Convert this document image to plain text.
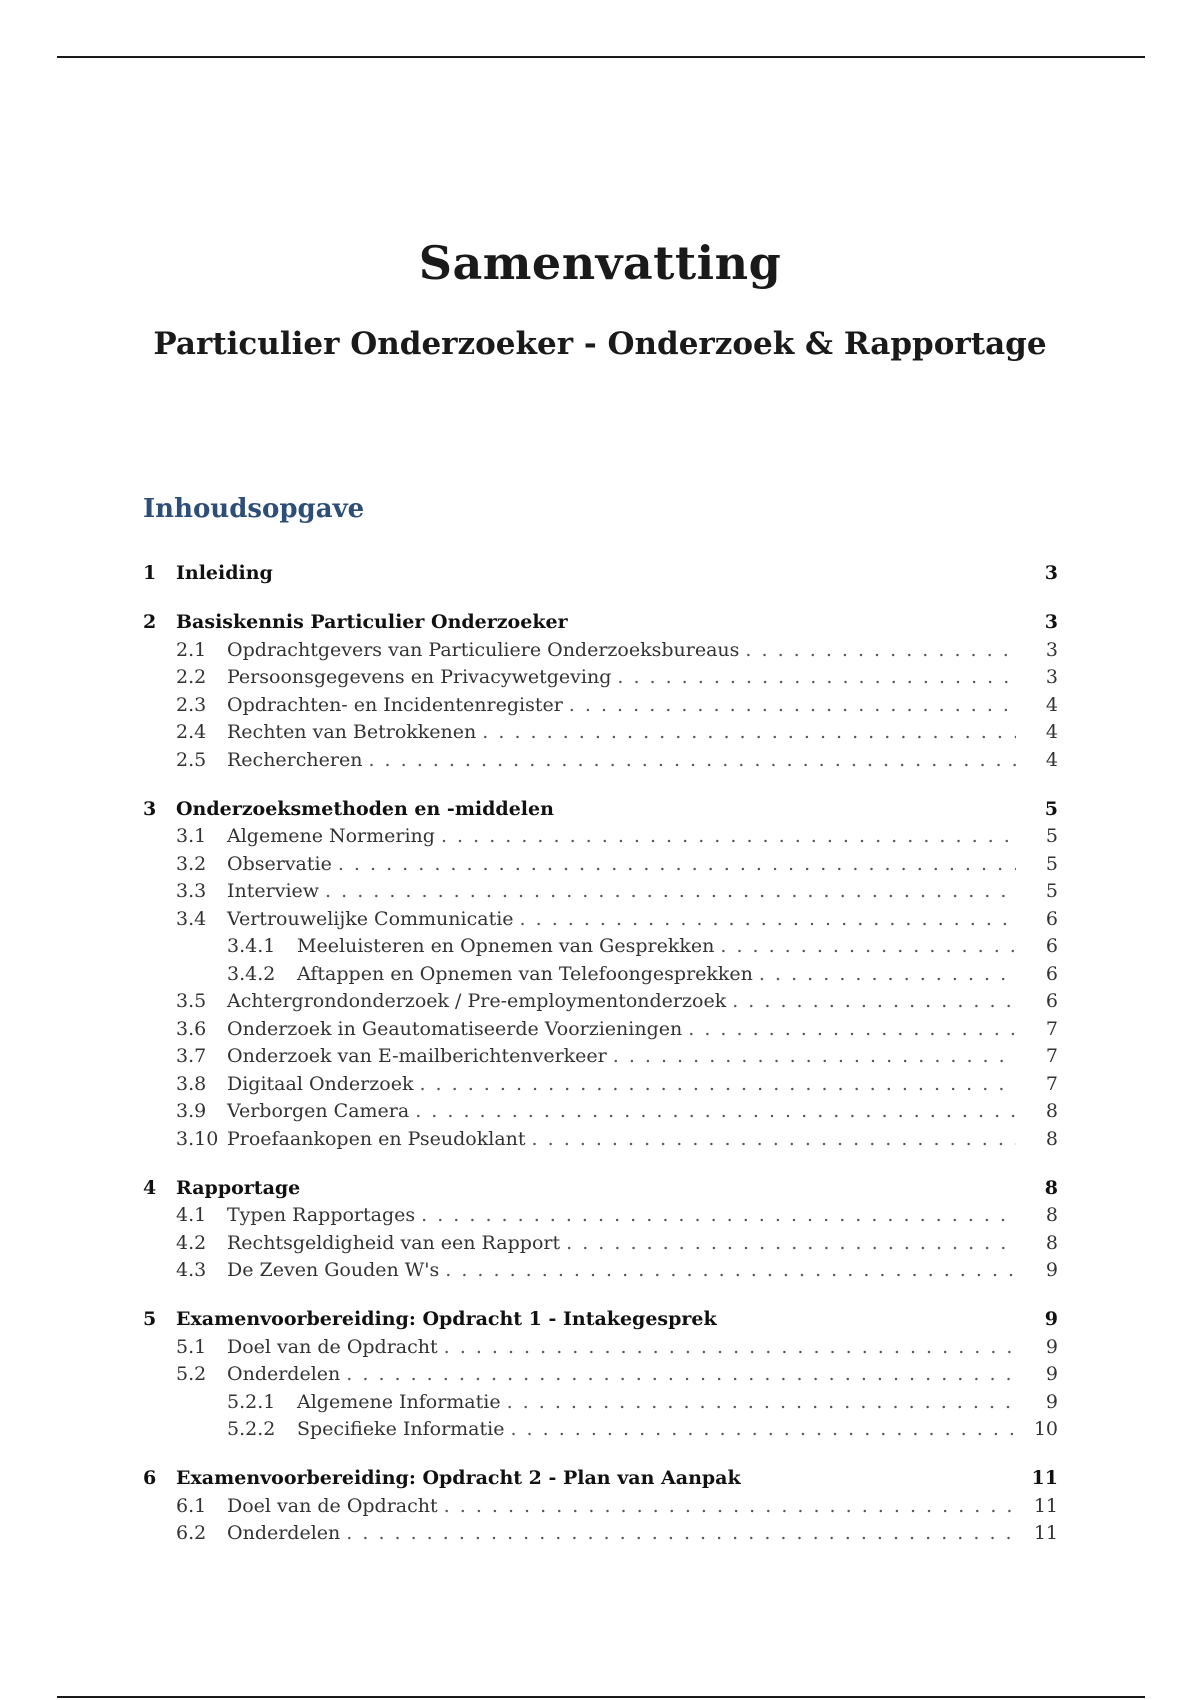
Samenvatting
Particulier Onderzoeker - Onderzoek & Rapportage
Inhoudsopgave
1	Inleiding	3
2	Basiskennis Particulier Onderzoeker	3
2.1	Opdrachtgevers van Particuliere Onderzoeksbureaus . . .	3
2.2	Persoonsgegevens en Privacywetgeving . . .	3
2.3	Opdrachten- en Incidentenregister . . .	4
2.4	Rechten van Betrokkenen . . .	4
2.5	Rechercheren . . .	4
3	Onderzoeksmethoden en -middelen	5
3.1	Algemene Normering . . .	5
3.2	Observatie . . .	5
3.3	Interview . . .	5
3.4	Vertrouwelijke Communicatie . . .	6
3.4.1	Meeluisteren en Opnemen van Gesprekken . . .	6
3.4.2	Aftappen en Opnemen van Telefoongesprekken . . .	6
3.5	Achtergrondonderzoek / Pre-employmentonderzoek . . .	6
3.6	Onderzoek in Geautomatiseerde Voorzieningen . . .	7
3.7	Onderzoek van E-mailberichtenverkeer . . .	7
3.8	Digitaal Onderzoek . . .	7
3.9	Verborgen Camera . . .	8
3.10 Proefaankopen en Pseudoklant . . .	8
4	Rapportage	8
4.1	Typen Rapportages . . .	8
4.2	Rechtsgeldigheid van een Rapport . . .	8
4.3	De Zeven Gouden W's . . .	9
5	Examenvoorbereiding: Opdracht 1 - Intakegesprek	9
5.1	Doel van de Opdracht . . .	9
5.2	Onderdelen . . .	9
5.2.1	Algemene Informatie . . .	9
5.2.2	Specifieke Informatie . . .	10
6	Examenvoorbereiding: Opdracht 2 - Plan van Aanpak	11
6.1	Doel van de Opdracht . . .	11
6.2	Onderdelen . . .	11
